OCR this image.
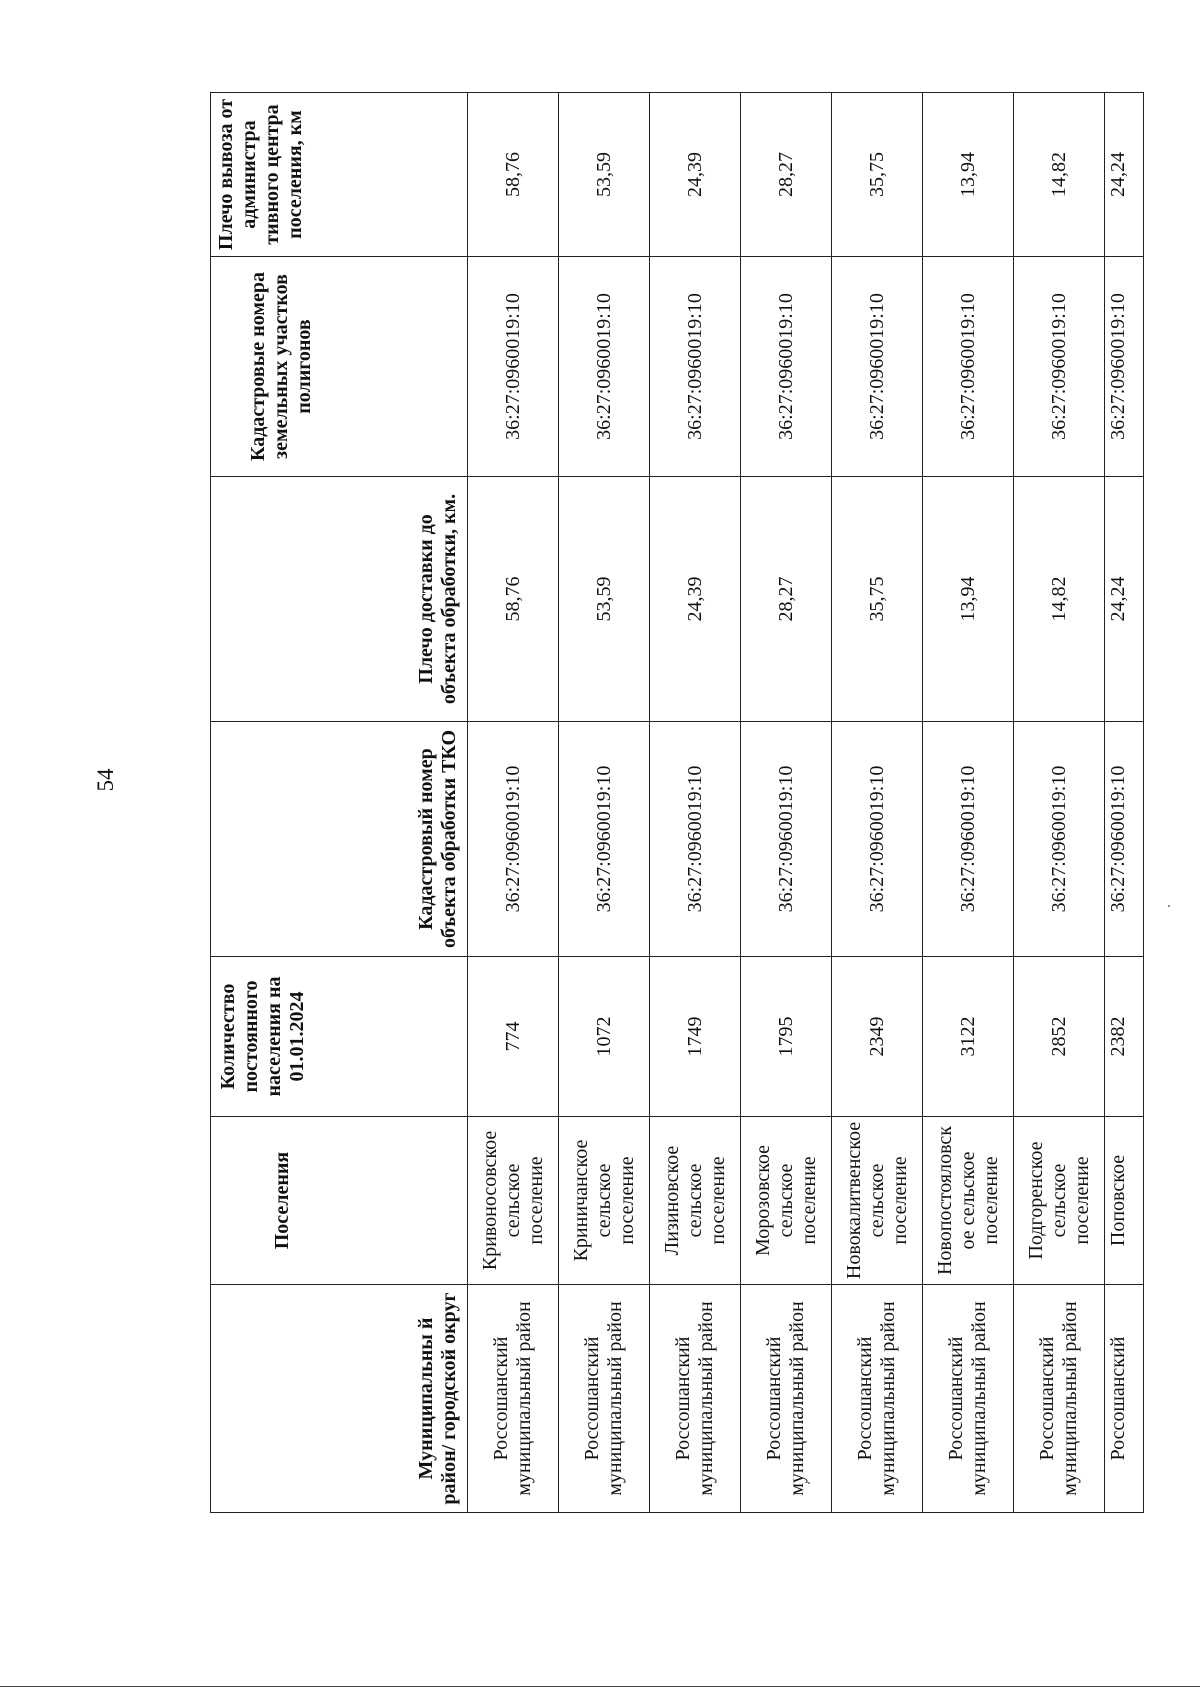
54
Муниципальны й район/ городской округ	Поселения	Количество постоянного населения на 01.01.2024	Кадастровый номер объекта обработки ТКО	Плечо доставки до объекта обработки, км.	Кадастровые номера земельных участков полигонов	Плечо вывоза от администра тивного центра поселения, км
Россошанский муниципальный район	Кривоносовское сельское поселение	774	36:27:0960019:10	58,76	36:27:0960019:10	58,76
Россошанский муниципальный район	Криничанское сельское поселение	1072	36:27:0960019:10	53,59	36:27:0960019:10	53,59
Россошанский муниципальный район	Лизиновское сельское поселение	1749	36:27:0960019:10	24,39	36:27:0960019:10	24,39
Россошанский муниципальный район	Морозовское сельское поселение	1795	36:27:0960019:10	28,27	36:27:0960019:10	28,27
Россошанский муниципальный район	Новокалитвенское сельское поселение	2349	36:27:0960019:10	35,75	36:27:0960019:10	35,75
Россошанский муниципальный район	Новопостояловск ое сельское поселение	3122	36:27:0960019:10	13,94	36:27:0960019:10	13,94
Россошанский муниципальный район	Подгоренское сельское поселение	2852	36:27:0960019:10	14,82	36:27:0960019:10	14,82
Россошанский	Поповское	2382	36:27:0960019:10	24,24	36:27:0960019:10	24,24
